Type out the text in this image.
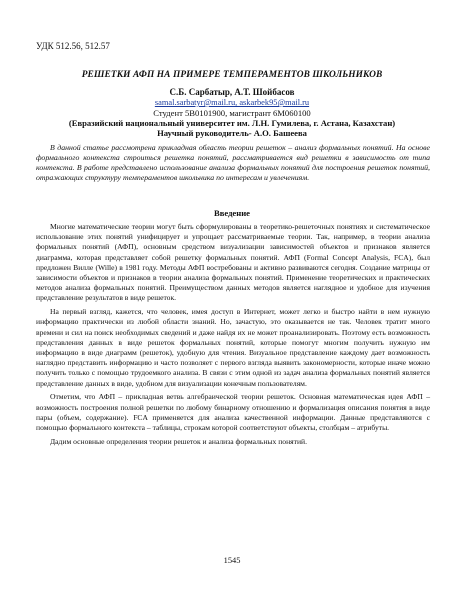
УДК 512.56, 512.57
РЕШЕТКИ АФП НА ПРИМЕРЕ ТЕМПЕРАМЕНТОВ ШКОЛЬНИКОВ
С.Б. Сарбатыр, А.Т. Шойбасов
samal.sarbatyr@mail.ru, askarbek95@mail.ru
Студент 5В0101900, магистрант 6М060100
(Евразийский национальный университет им. Л.Н. Гумилева, г. Астана, Казахстан)
Научный руководитель- А.О. Башеева

В данной статье рассмотрена прикладная область теории решеток – анализ формальных понятий. На основе формального контекста строиться решетка понятий, рассматривается вид решетки в зависимость от типа контекста. В работе представлено использование анализа формальных понятий для построения решеток понятий, отражающих структуру темпераментов школьника по интересам и увлечениям.

Введение

Многие математические теории могут быть сформулированы в теоретико-решеточных понятиях и систематическое использование этих понятий унифицирует и упрощает рассматриваемые теории. Так, например, в теории анализа формальных понятий (АФП), основным средством визуализации зависимостей объектов и признаков является диаграмма, которая представляет собой решетку формальных понятий. АФП (Formal Concept Analysis, FCA), был предложен Вилле (Wille) в 1981 году. Методы АФП востребованы и активно развиваются сегодня. Создание матрицы от зависимости объектов и признаков в теории анализа формальных понятий. Применение теоретических и практических методов анализа формальных понятий. Преимуществом данных методов является наглядное и удобное для изучения представление результатов в виде решеток.

На первый взгляд, кажется, что человек, имея доступ в Интернет, может легко и быстро найти в нем нужную информацию практически из любой области знаний. Но, зачастую, это оказывается не так. Человек тратит много времени и сил на поиск необходимых сведений и даже найдя их не может проанализировать. Поэтому есть возможность представления данных в виде решеток формальных понятий, которые помогут многим получить нужную им информацию в виде диаграмм (решеток), удобную для чтения. Визуальное представление каждому дает возможность наглядно представить информацию и часто позволяет с первого взгляда выявить закономерности, которые иначе можно получить только с помощью трудоемкого анализа. В связи с этим одной из задач анализа формальных понятий является представление данных в виде, удобном для визуализации конечным пользователям.

Отметим, что АФП – прикладная ветвь алгебраической теории решеток. Основная математическая идея АФП – возможность построения полной решетки по любому бинарному отношению и формализация описания понятия в виде пары (объем, содержание). FCA применяется для анализа качественной информации. Данные представляются с помощью формального контекста – таблицы, строкам которой соответствуют объекты, столбцам – атрибуты.

Дадим основные определения теории решеток и анализа формальных понятий.

1545
